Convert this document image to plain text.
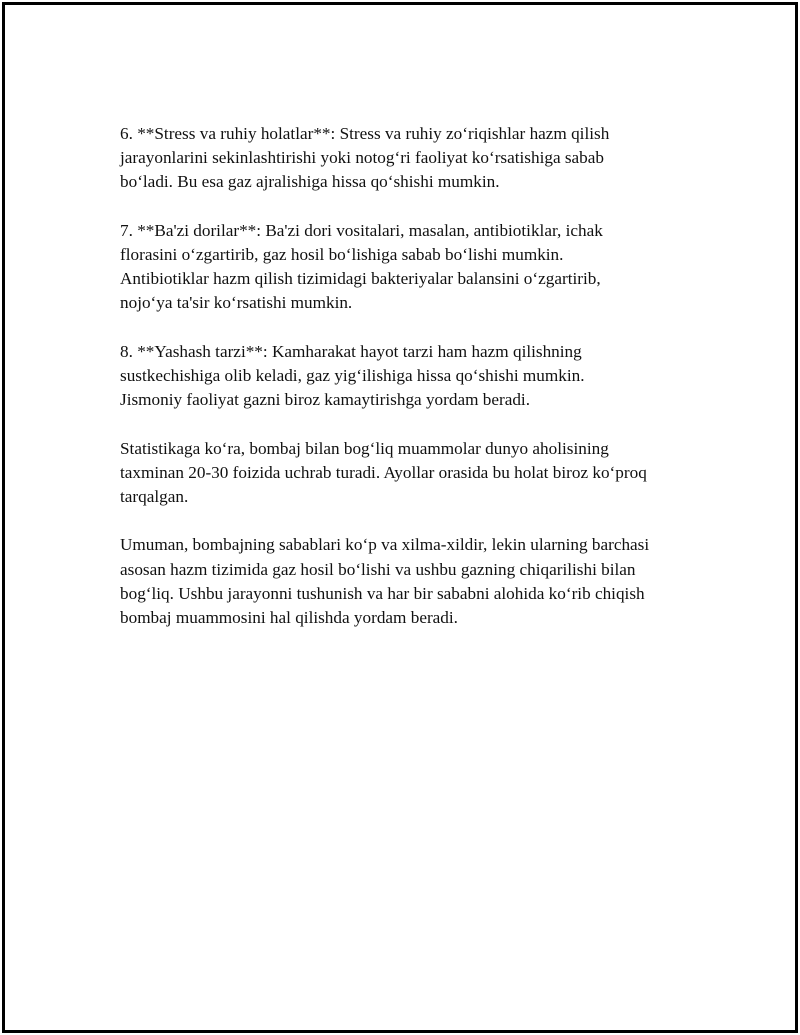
6. **Stress va ruhiy holatlar**: Stress va ruhiy zo‘riqishlar hazm qilish
jarayonlarini sekinlashtirishi yoki notog‘ri faoliyat ko‘rsatishiga sabab
bo‘ladi. Bu esa gaz ajralishiga hissa qo‘shishi mumkin.

7. **Ba'zi dorilar**: Ba'zi dori vositalari, masalan, antibiotiklar, ichak
florasini o‘zgartirib, gaz hosil bo‘lishiga sabab bo‘lishi mumkin.
Antibiotiklar hazm qilish tizimidagi bakteriyalar balansini o‘zgartirib,
nojo‘ya ta'sir ko‘rsatishi mumkin.

8. **Yashash tarzi**: Kamharakat hayot tarzi ham hazm qilishning
sustkechishiga olib keladi, gaz yig‘ilishiga hissa qo‘shishi mumkin.
Jismoniy faoliyat gazni biroz kamaytirishga yordam beradi.

Statistikaga ko‘ra, bombaj bilan bog‘liq muammolar dunyo aholisining
taxminan 20-30 foizida uchrab turadi. Ayollar orasida bu holat biroz ko‘proq
tarqalgan.

Umuman, bombajning sabablari ko‘p va xilma-xildir, lekin ularning barchasi
asosan hazm tizimida gaz hosil bo‘lishi va ushbu gazning chiqarilishi bilan
bog‘liq. Ushbu jarayonni tushunish va har bir sababni alohida ko‘rib chiqish
bombaj muammosini hal qilishda yordam beradi.
